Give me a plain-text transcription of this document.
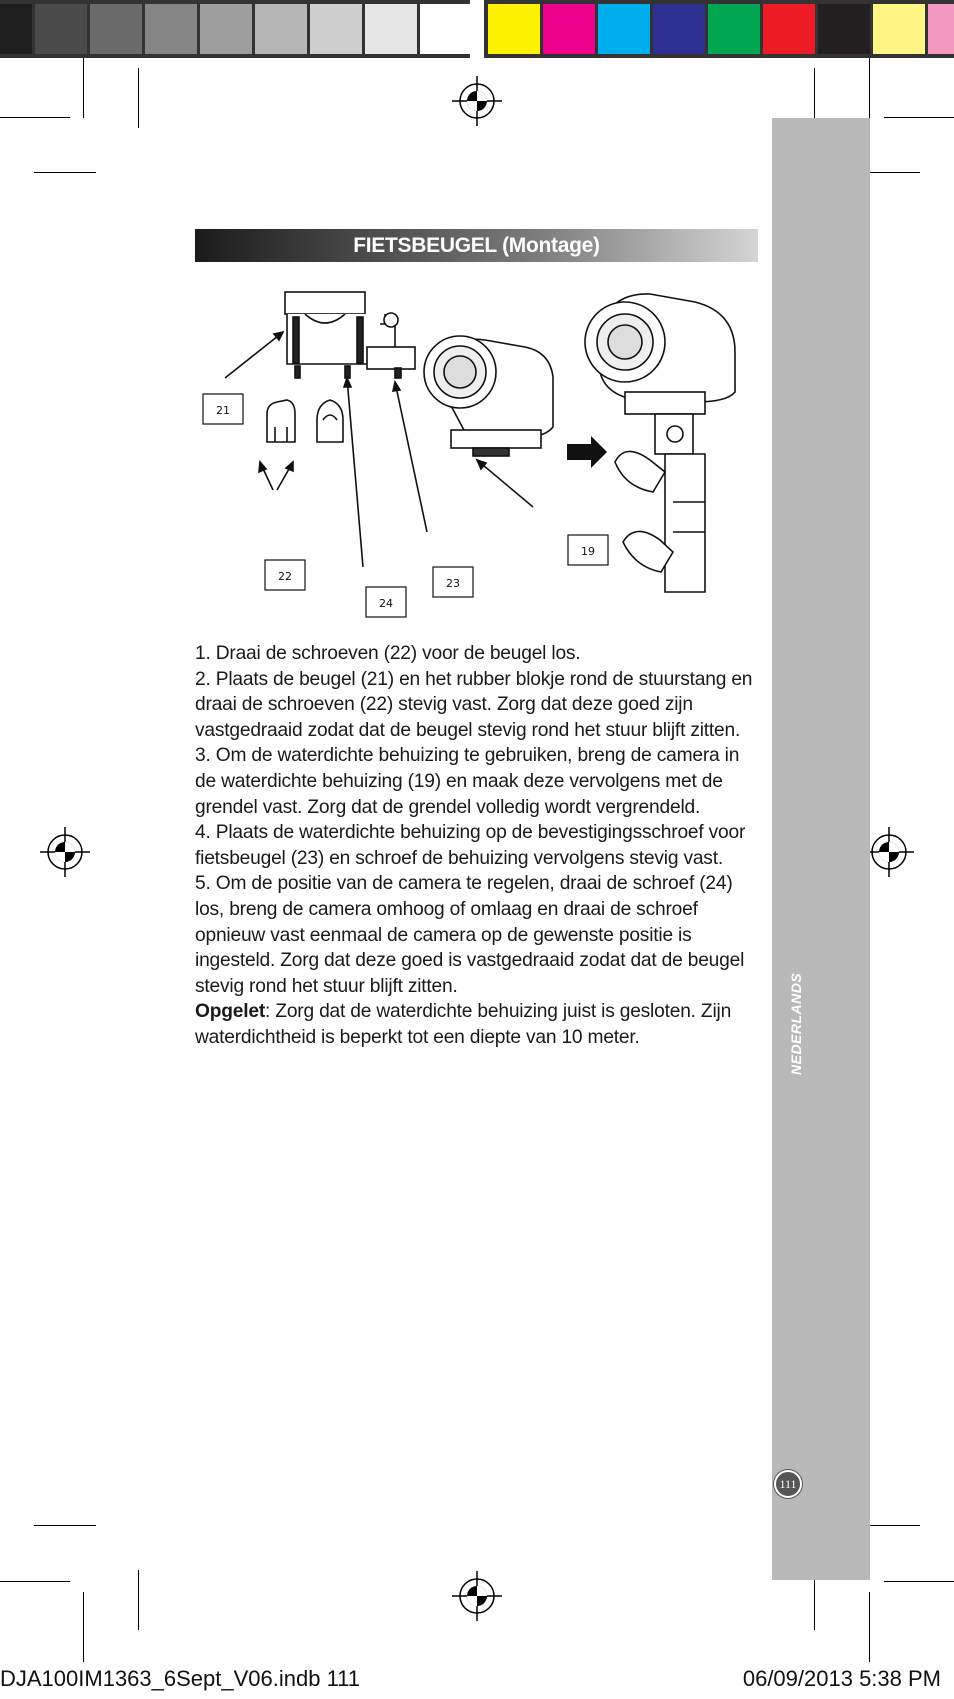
NEDERLANDS
111
FIETSBEUGEL (Montage)
21
22
24
23
19

1. Draai de schroeven (22) voor de beugel los.

2. Plaats de beugel (21) en het rubber blokje rond de stuurstang en draai de schroeven (22) stevig vast. Zorg dat deze goed zijn vastgedraaid zodat dat de beugel stevig rond het stuur blijft zitten.

3. Om de waterdichte behuizing te gebruiken, breng de camera in de waterdichte behuizing (19) en maak deze vervolgens met de grendel vast. Zorg dat de grendel volledig wordt vergrendeld.

4. Plaats de waterdichte behuizing op de bevestigingsschroef voor fietsbeugel (23) en schroef de behuizing vervolgens stevig vast.

5. Om de positie van de camera te regelen, draai de schroef (24) los, breng de camera omhoog of omlaag en draai de schroef opnieuw vast eenmaal de camera op de gewenste positie is ingesteld. Zorg dat deze goed is vastgedraaid zodat dat de beugel stevig rond het stuur blijft zitten.

Opgelet: Zorg dat de waterdichte behuizing juist is gesloten. Zijn waterdichtheid is beperkt tot een diepte van 10 meter.

DJA100IM1363_6Sept_V06.indb 111	06/09/2013 5:38 PM
